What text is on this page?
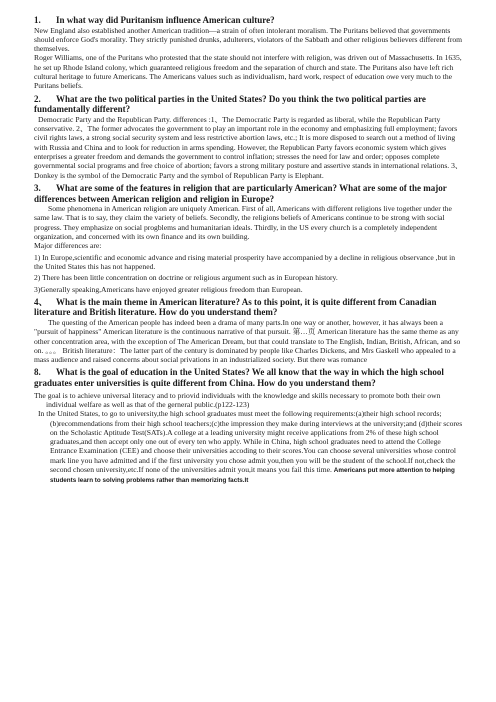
1. In what way did Puritanism influence American culture?

New England also established another American tradition—a strain of often intolerant moralism. The Puritans believed that governments should enforce God's morality. They strictly punished drunks, adulterers, violators of the Sabbath and other religious believers different from themselves.

Roger Williams, one of the Puritans who protested that the state should not interfere with religion, was driven out of Massachusetts. In 1635, he set up Rhode Island colony, which guaranteed religious freedom and the separation of church and state. The Puritans also have left rich cultural heritage to future Americans. The Americans values such as individualism, hard work, respect of education owe very much to the Puritans beliefs.

2. What are the two political parties in the United States? Do you think the two political parties are fundamentally different?

Democratic Party and the Republican Party. differences :1、The Democratic Party is regarded as liberal, while the Republican Party conservative. 2、The former advocates the government to play an important role in the economy and emphasizing full employment; favors civil rights laws, a strong social security system and less restrictive abortion laws, etc.; It is more disposed to search out a method of living with Russia and China and to look for reduction in arms spending. However, the Republican Party favors economic system which gives enterprises a greater freedom and demands the government to control inflation; stresses the need for law and order; opposes complete governmental social programs and free choice of abortion; favors a strong military posture and assertive stands in international relations. 3、Donkey is the symbol of the Democratic Party and the symbol of Republican Party is Elephant.

3. What are some of the features in religion that are particularly American? What are some of the major differences between American religion and religion in Europe?

Some phenomena in American religion are uniquely American. First of all, Americans with different religions live together under the same law. That is to say, they claim the variety of beliefs. Secondly, the religions beliefs of Americans continue to be strong with social progress. They emphasize on social progblems and humanitarian ideals. Thirdly, in the US every church is a completely independent organization, and concerned with its own finance and its own building.

Major differences are:

1) In Europe,scientific and economic advance and rising material prosperity have accompanied by a decline in religious observance ,but in the United States this has not happened.

2) There has been little concentration on doctrine or religious argument such as in European history.

3)Generally speaking,Americans have enjoyed greater religious freedom than European.

4、 What is the main theme in American literature? As to this point, it is quite different from Canadian literature and British literature. How do you understand them?

The questing of the American people has indeed been a drama of many parts.In one way or another, however, it has always been a "pursuit of happiness" American literature is the continuous narrative of that pursuit. 第…页 American literature has the same theme as any other concentration area, with the exception of The American Dream, but that could translate to The English, Indian, British, African, and so on. 。。。 British literature：The latter part of the century is dominated by people like Charles Dickens, and Mrs Gaskell who appealed to a mass audience and raised concerns about social privations in an industrialized society. But there was romance

8. What is the goal of education in the United States? We all know that the way in which the high school graduates enter universities is quite different from China. How do you understand them?

The goal is to achieve universal literacy and to priovid individuals with the knowledge and skills necessary to promote both their own individual welfare as well as that of the gerneral public.(p122-123)

In the United States, to go to university,the high school graduates must meet the following requirements:(a)their high school records;(b)recommendations from their high school teachers;(c)the impression they make during interviews at the university;and (d)their scores on the Scholastic Aptitude Test(SATs).A college at a leading university might receive applications from 2% of these high school graduates,and then accept only one out of every ten who apply. While in China, high school graduates need to attend the College Entrance Examination (CEE) and choose their universities accoding to their scores.You can choose several universities whose control mark line you have admitted and if the first university you chose admit you,then you will be the student of the school.If not,check the second chosen university,etc.If none of the universities admit you,it means you fail this time. Americans put more attention to helping students learn to solving problems rather than memorizing facts.It
